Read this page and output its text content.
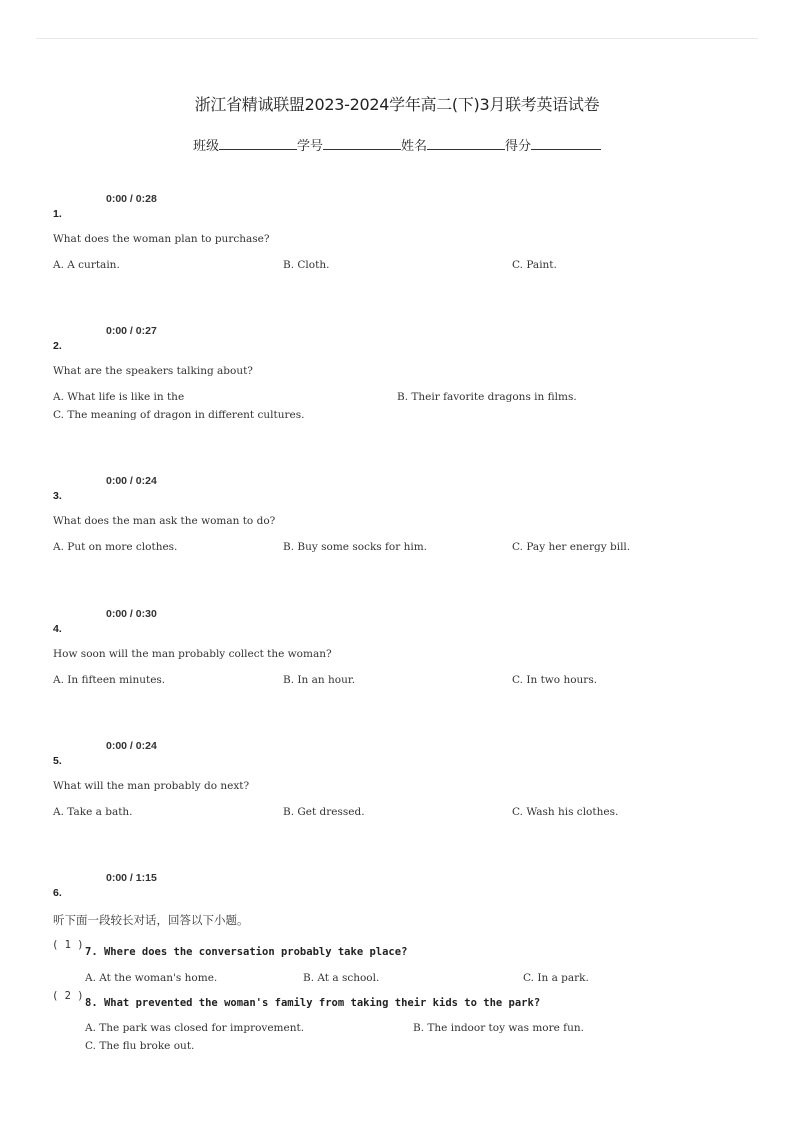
浙江省精诚联盟2023-2024学年高二(下)3月联考英语试卷
班级	学号	姓名	得分
0:00 / 0:28
1.
What does the woman plan to purchase?
A. A curtain.	B. Cloth.	C. Paint.
0:00 / 0:27
2.
What are the speakers talking about?
A. What life is like in the	B. Their favorite dragons in films.
C. The meaning of dragon in different cultures.
0:00 / 0:24
3.
What does the man ask the woman to do?
A. Put on more clothes.	B. Buy some socks for him.	C. Pay her energy bill.
0:00 / 0:30
4.
How soon will the man probably collect the woman?
A. In fifteen minutes.	B. In an hour.	C. In two hours.
0:00 / 0:24
5.
What will the man probably do next?
A. Take a bath.	B. Get dressed.	C. Wash his clothes.
0:00 / 1:15
6.
听下面一段较长对话，回答以下小题。
( 1 )
7. Where does the conversation probably take place?
A. At the woman's home.	B. At a school.	C. In a park.
( 2 )
8. What prevented the woman's family from taking their kids to the park?
A. The park was closed for improvement.	B. The indoor toy was more fun.
C. The flu broke out.
